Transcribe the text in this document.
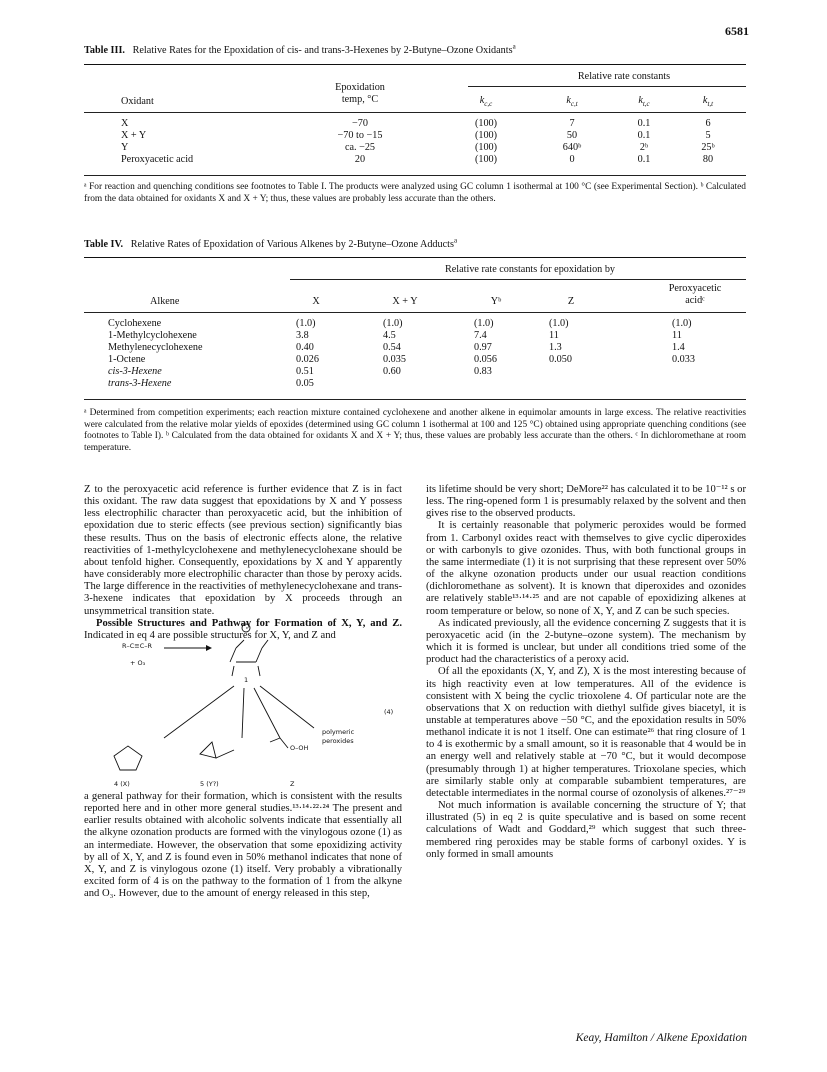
6581
Table III. Relative Rates for the Epoxidation of cis- and trans-3-Hexenes by 2-Butyne–Ozone Oxidants$^a$
Relative rate constants
Epoxidation
temp, °C
Oxidant	$k_{c,c}$	$k_{c,t}$	$k_{t,c}$	$k_{t,t}$
X	−70	(100)	7	0.1	6
X + Y	−70 to −15	(100)	50	0.1	5
Y	ca. −25	(100)	640ᵇ	2ᵇ	25ᵇ
Peroxyacetic acid	20	(100)	0	0.1	80
ᵃ For reaction and quenching conditions see footnotes to Table I. The products were analyzed using GC column 1 isothermal at 100 °C (see Experimental Section). ᵇ Calculated from the data obtained for oxidants X and X + Y; thus, these values are probably less accurate than the others.
Table IV. Relative Rates of Epoxidation of Various Alkenes by 2-Butyne–Ozone Adducts$^a$
Relative rate constants for epoxidation by
Peroxyacetic
acidᶜ
Alkene	X	X + Y	Yᵇ	Z
Cyclohexene	(1.0)	(1.0)	(1.0)	(1.0)	(1.0)
1-Methylcyclohexene	3.8	4.5	7.4	11	11
Methylenecyclohexene	0.40	0.54	0.97	1.3	1.4
1-Octene	0.026	0.035	0.056	0.050	0.033
cis-3-Hexene	0.51	0.60	0.83
trans-3-Hexene	0.05
ᵃ Determined from competition experiments; each reaction mixture contained cyclohexene and another alkene in equimolar amounts in large excess. The relative reactivities were calculated from the relative molar yields of epoxides (determined using GC column 1 isothermal at 100 and 125 °C) obtained using appropriate quenching conditions (see footnotes to Table I). ᵇ Calculated from the data obtained for oxidants X and X + Y; thus, these values are probably less accurate than the others. ᶜ In dichloromethane at room temperature.

Z to the peroxyacetic acid reference is further evidence that Z is in fact this oxidant. The raw data suggest that epoxidations by X and Y possess less electrophilic character than peroxyacetic acid, but the inhibition of epoxidation due to steric effects (see previous section) significantly bias these results. Thus on the basis of electronic effects alone, the relative reactivities of 1-methylcyclohexene and methylenecyclohexane should be about tenfold higher. Consequently, epoxidations by X and Y apparently have considerably more electrophilic character than those by peroxy acids. The large difference in the reactivities of methylenecyclohexane and trans-3-hexene indicates that epoxidation by X proceeds through an unsymmetrical transition state.

Possible Structures and Pathway for Formation of X, Y, and Z. Indicated in eq 4 are possible structures for X, Y, and Z and

R–C≡C–R
+ O₃
1
(4)
O–OH
polymeric
peroxides
4 (X)	5 (Y?)	Z

a general pathway for their formation, which is consistent with the results reported here and in other more general studies.¹³·¹⁴·²²·²⁴ The present and earlier results obtained with alcoholic solvents indicate that essentially all the alkyne ozonation products are formed with the vinylogous ozone (1) as an intermediate. However, the observation that some epoxidizing activity by all of X, Y, and Z is found even in 50% methanol indicates that none of X, Y, and Z is vinylogous ozone (1) itself. Very probably a vibrationally excited form of 4 is on the pathway to the formation of 1 from the alkyne and O₃. However, due to the amount of energy released in this step,

its lifetime should be very short; DeMore²² has calculated it to be 10⁻¹² s or less. The ring-opened form 1 is presumably relaxed by the solvent and then gives rise to the observed products.

It is certainly reasonable that polymeric peroxides would be formed from 1. Carbonyl oxides react with themselves to give cyclic diperoxides or with carbonyls to give ozonides. Thus, with both functional groups in the same intermediate (1) it is not surprising that these represent over 50% of the alkyne ozonation products under our usual reaction conditions (dichloromethane as solvent). It is known that diperoxides and ozonides are relatively stable¹³·¹⁴·²⁵ and are not capable of epoxidizing alkenes at room temperature or below, so none of X, Y, and Z can be such species.

As indicated previously, all the evidence concerning Z suggests that it is peroxyacetic acid (in the 2-butyne–ozone system). The mechanism by which it is formed is unclear, but under all conditions tried some of the product had the characteristics of a peroxy acid.

Of all the epoxidants (X, Y, and Z), X is the most interesting because of its high reactivity even at low temperatures. All of the evidence is consistent with X being the cyclic trioxolene 4. Of particular note are the observations that X on reduction with diethyl sulfide gives biacetyl, it is unstable at temperatures above −50 °C, and the epoxidation results in 50% methanol indicate it is not 1 itself. One can estimate²⁶ that ring closure of 1 to 4 is exothermic by a small amount, so it is reasonable that 4 would be in an energy well and relatively stable at −70 °C, but it would decompose (presumably through 1) at higher temperatures. Trioxolane species, which are similarly stable only at comparable subambient temperatures, are detectable intermediates in the normal course of ozonolysis of alkenes.²⁷⁻²⁹

Not much information is available concerning the structure of Y; that illustrated (5) in eq 2 is quite speculative and is based on some recent calculations of Wadt and Goddard,²⁹ which suggest that such three-membered ring peroxides may be stable forms of carbonyl oxides. Y is only formed in small amounts

Keay, Hamilton / Alkene Epoxidation
